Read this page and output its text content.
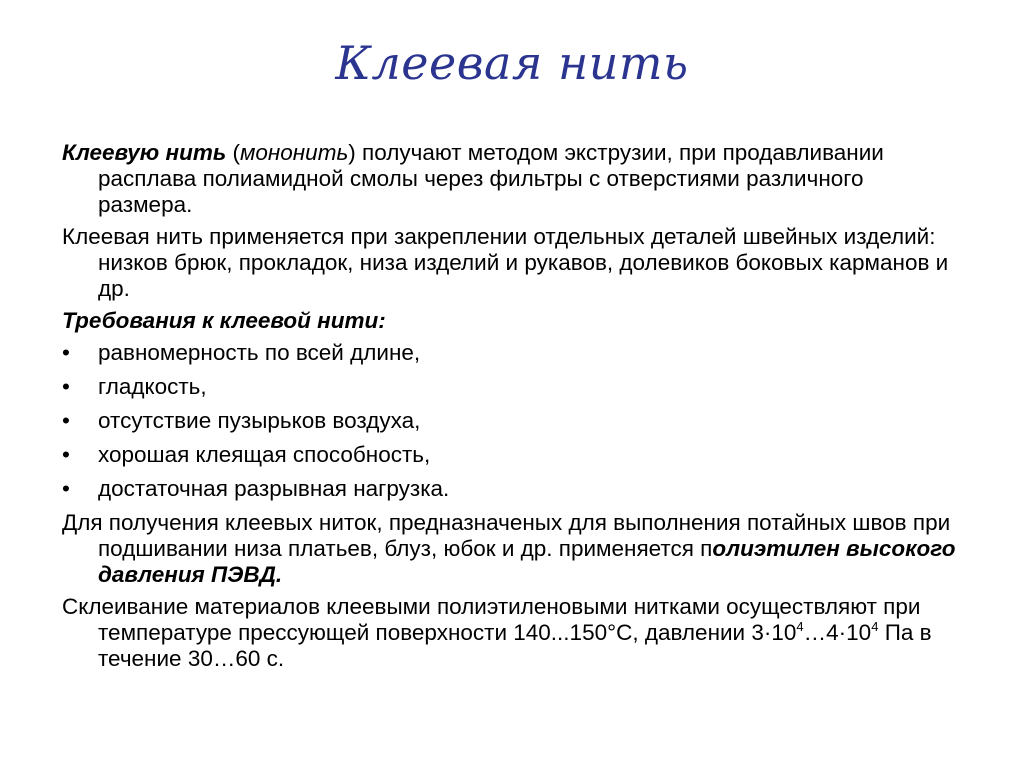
Клеевая нить

Клеевую нить (мононить) получают методом экструзии, при продавливании расплава полиамидной смолы через фильтры с отверстиями различного размера.

Клеевая нить применяется при закреплении отдельных деталей швейных изделий: низков брюк, прокладок, низа изделий и рукавов, долевиков боковых карманов и др.

Требования к клеевой нити:

• равномерность по всей длине,
• гладкость,
• отсутствие пузырьков воздуха,
• хорошая клеящая способность,
• достаточная разрывная нагрузка.

Для получения клеевых ниток, предназначеных для выполнения потайных швов при подшивании низа платьев, блуз, юбок и др. применяется полиэтилен высокого давления ПЭВД.

Склеивание материалов клеевыми полиэтиленовыми нитками осуществляют при температуре прессующей поверхности 140...150°С, давлении $3\cdot 10^4\dots 4\cdot 10^4$ Па в течение 30…60 с.
